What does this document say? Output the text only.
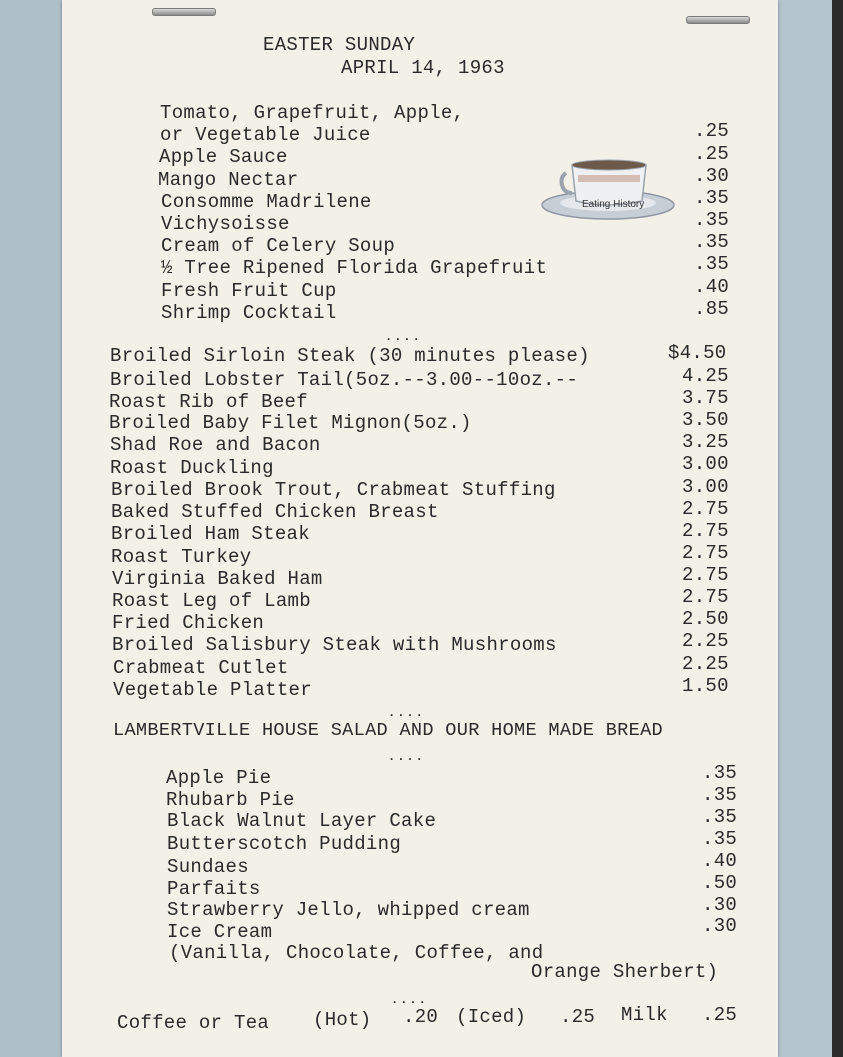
EASTER SUNDAY
APRIL 14, 1963
Tomato, Grapefruit, Apple,
or Vegetable Juice	.25
Apple Sauce	.25
Mango Nectar	.30
Consomme Madrilene	.35
Vichysoisse	.35
Cream of Celery Soup	.35
½ Tree Ripened Florida Grapefruit	.35
Fresh Fruit Cup	.40
Shrimp Cocktail	.85
....
Broiled Sirloin Steak (30 minutes please)	$4.50
Broiled Lobster Tail(5oz.--3.00--10oz.--	4.25
Roast Rib of Beef	3.75
Broiled Baby Filet Mignon(5oz.)	3.50
Shad Roe and Bacon	3.25
Roast Duckling	3.00
Broiled Brook Trout, Crabmeat Stuffing	3.00
Baked Stuffed Chicken Breast	2.75
Broiled Ham Steak	2.75
Roast Turkey	2.75
Virginia Baked Ham	2.75
Roast Leg of Lamb	2.75
Fried Chicken	2.50
Broiled Salisbury Steak with Mushrooms	2.25
Crabmeat Cutlet	2.25
Vegetable Platter	1.50
....
LAMBERTVILLE HOUSE SALAD AND OUR HOME MADE BREAD
....
Apple Pie	.35
Rhubarb Pie	.35
Black Walnut Layer Cake	.35
Butterscotch Pudding	.35
Sundaes	.40
Parfaits	.50
Strawberry Jello, whipped cream	.30
Ice Cream	.30
(Vanilla, Chocolate, Coffee, and
Orange Sherbert)
....
Coffee or Tea (Hot) .20 (Iced) .25 Milk .25
Eating History
